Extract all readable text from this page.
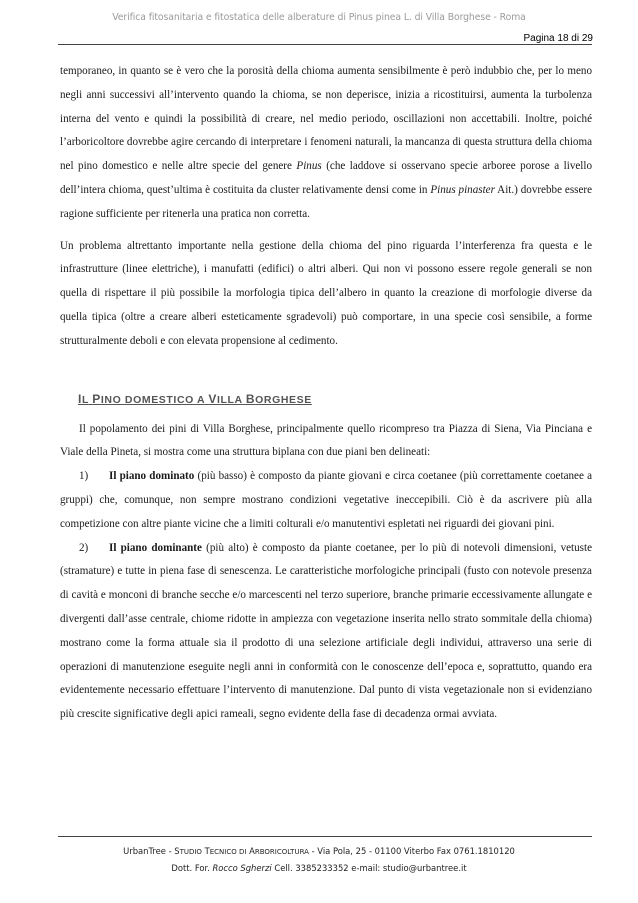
Verifica fitosanitaria e fitostatica delle alberature di Pinus pinea L. di Villa Borghese - Roma
Pagina 18 di 29

temporaneo, in quanto se è vero che la porosità della chioma aumenta sensibilmente è però indubbio che, per lo meno negli anni successivi all’intervento quando la chioma, se non deperisce, inizia a ricostituirsi, aumenta la turbolenza interna del vento e quindi la possibilità di creare, nel medio periodo, oscillazioni non accettabili. Inoltre, poiché l’arboricoltore dovrebbe agire cercando di interpretare i fenomeni naturali, la mancanza di questa struttura della chioma nel pino domestico e nelle altre specie del genere Pinus (che laddove si osservano specie arboree porose a livello dell’intera chioma, quest’ultima è costituita da cluster relativamente densi come in Pinus pinaster Ait.) dovrebbe essere ragione sufficiente per ritenerla una pratica non corretta.

Un problema altrettanto importante nella gestione della chioma del pino riguarda l’interferenza fra questa e le infrastrutture (linee elettriche), i manufatti (edifici) o altri alberi. Qui non vi possono essere regole generali se non quella di rispettare il più possibile la morfologia tipica dell’albero in quanto la creazione di morfologie diverse da quella tipica (oltre a creare alberi esteticamente sgradevoli) può comportare, in una specie così sensibile, a forme strutturalmente deboli e con elevata propensione al cedimento.

IL PINO DOMESTICO A VILLA BORGHESE

Il popolamento dei pini di Villa Borghese, principalmente quello ricompreso tra Piazza di Siena, Via Pinciana e Viale della Pineta, si mostra come una struttura biplana con due piani ben delineati:

1) Il piano dominato (più basso) è composto da piante giovani e circa coetanee (più correttamente coetanee a gruppi) che, comunque, non sempre mostrano condizioni vegetative ineccepibili. Ciò è da ascrivere più alla competizione con altre piante vicine che a limiti colturali e/o manutentivi espletati nei riguardi dei giovani pini.

2) Il piano dominante (più alto) è composto da piante coetanee, per lo più di notevoli dimensioni, vetuste (stramature) e tutte in piena fase di senescenza. Le caratteristiche morfologiche principali (fusto con notevole presenza di cavità e monconi di branche secche e/o marcescenti nel terzo superiore, branche primarie eccessivamente allungate e divergenti dall’asse centrale, chiome ridotte in ampiezza con vegetazione inserita nello strato sommitale della chioma) mostrano come la forma attuale sia il prodotto di una selezione artificiale degli individui, attraverso una serie di operazioni di manutenzione eseguite negli anni in conformità con le conoscenze dell’epoca e, soprattutto, quando era evidentemente necessario effettuare l’intervento di manutenzione. Dal punto di vista vegetazionale non si evidenziano più crescite significative degli apici rameali, segno evidente della fase di decadenza ormai avviata.

UrbanTree - STUDIO TECNICO DI ARBORICOLTURA - Via Pola, 25 - 01100 Viterbo Fax 0761.1810120
Dott. For. Rocco Sgherzi Cell. 3385233352 e-mail: studio@urbantree.it
